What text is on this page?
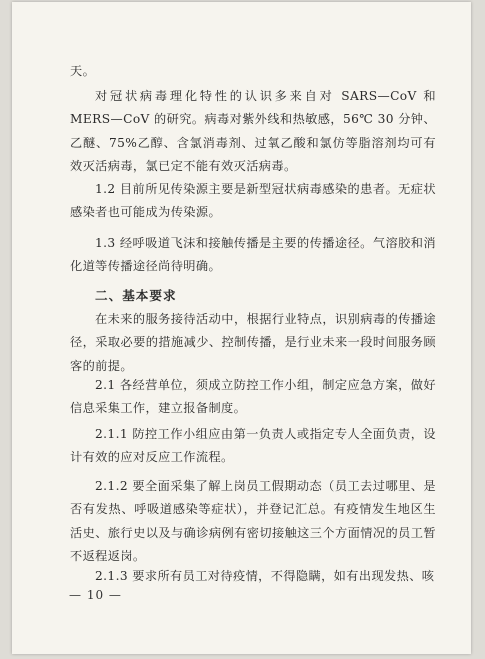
天。

对冠状病毒理化特性的认识多来自对 SARS—CoV 和 MERS—CoV 的研究。病毒对紫外线和热敏感，56℃ 30 分钟、乙醚、75%乙醇、含氯消毒剂、过氧乙酸和氯仿等脂溶剂均可有效灭活病毒，氯已定不能有效灭活病毒。

1.2 目前所见传染源主要是新型冠状病毒感染的患者。无症状感染者也可能成为传染源。

1.3 经呼吸道飞沫和接触传播是主要的传播途径。气溶胶和消化道等传播途径尚待明确。

二、基本要求

在未来的服务接待活动中，根据行业特点，识别病毒的传播途径，采取必要的措施减少、控制传播，是行业未来一段时间服务顾客的前提。

2.1 各经营单位，须成立防控工作小组，制定应急方案，做好信息采集工作，建立报备制度。

2.1.1 防控工作小组应由第一负责人或指定专人全面负责，设计有效的应对反应工作流程。

2.1.2 要全面采集了解上岗员工假期动态（员工去过哪里、是否有发热、呼吸道感染等症状），并登记汇总。有疫情发生地区生活史、旅行史以及与确诊病例有密切接触这三个方面情况的员工暂不返程返岗。

2.1.3 要求所有员工对待疫情，不得隐瞒，如有出现发热、咳

— 10 —
